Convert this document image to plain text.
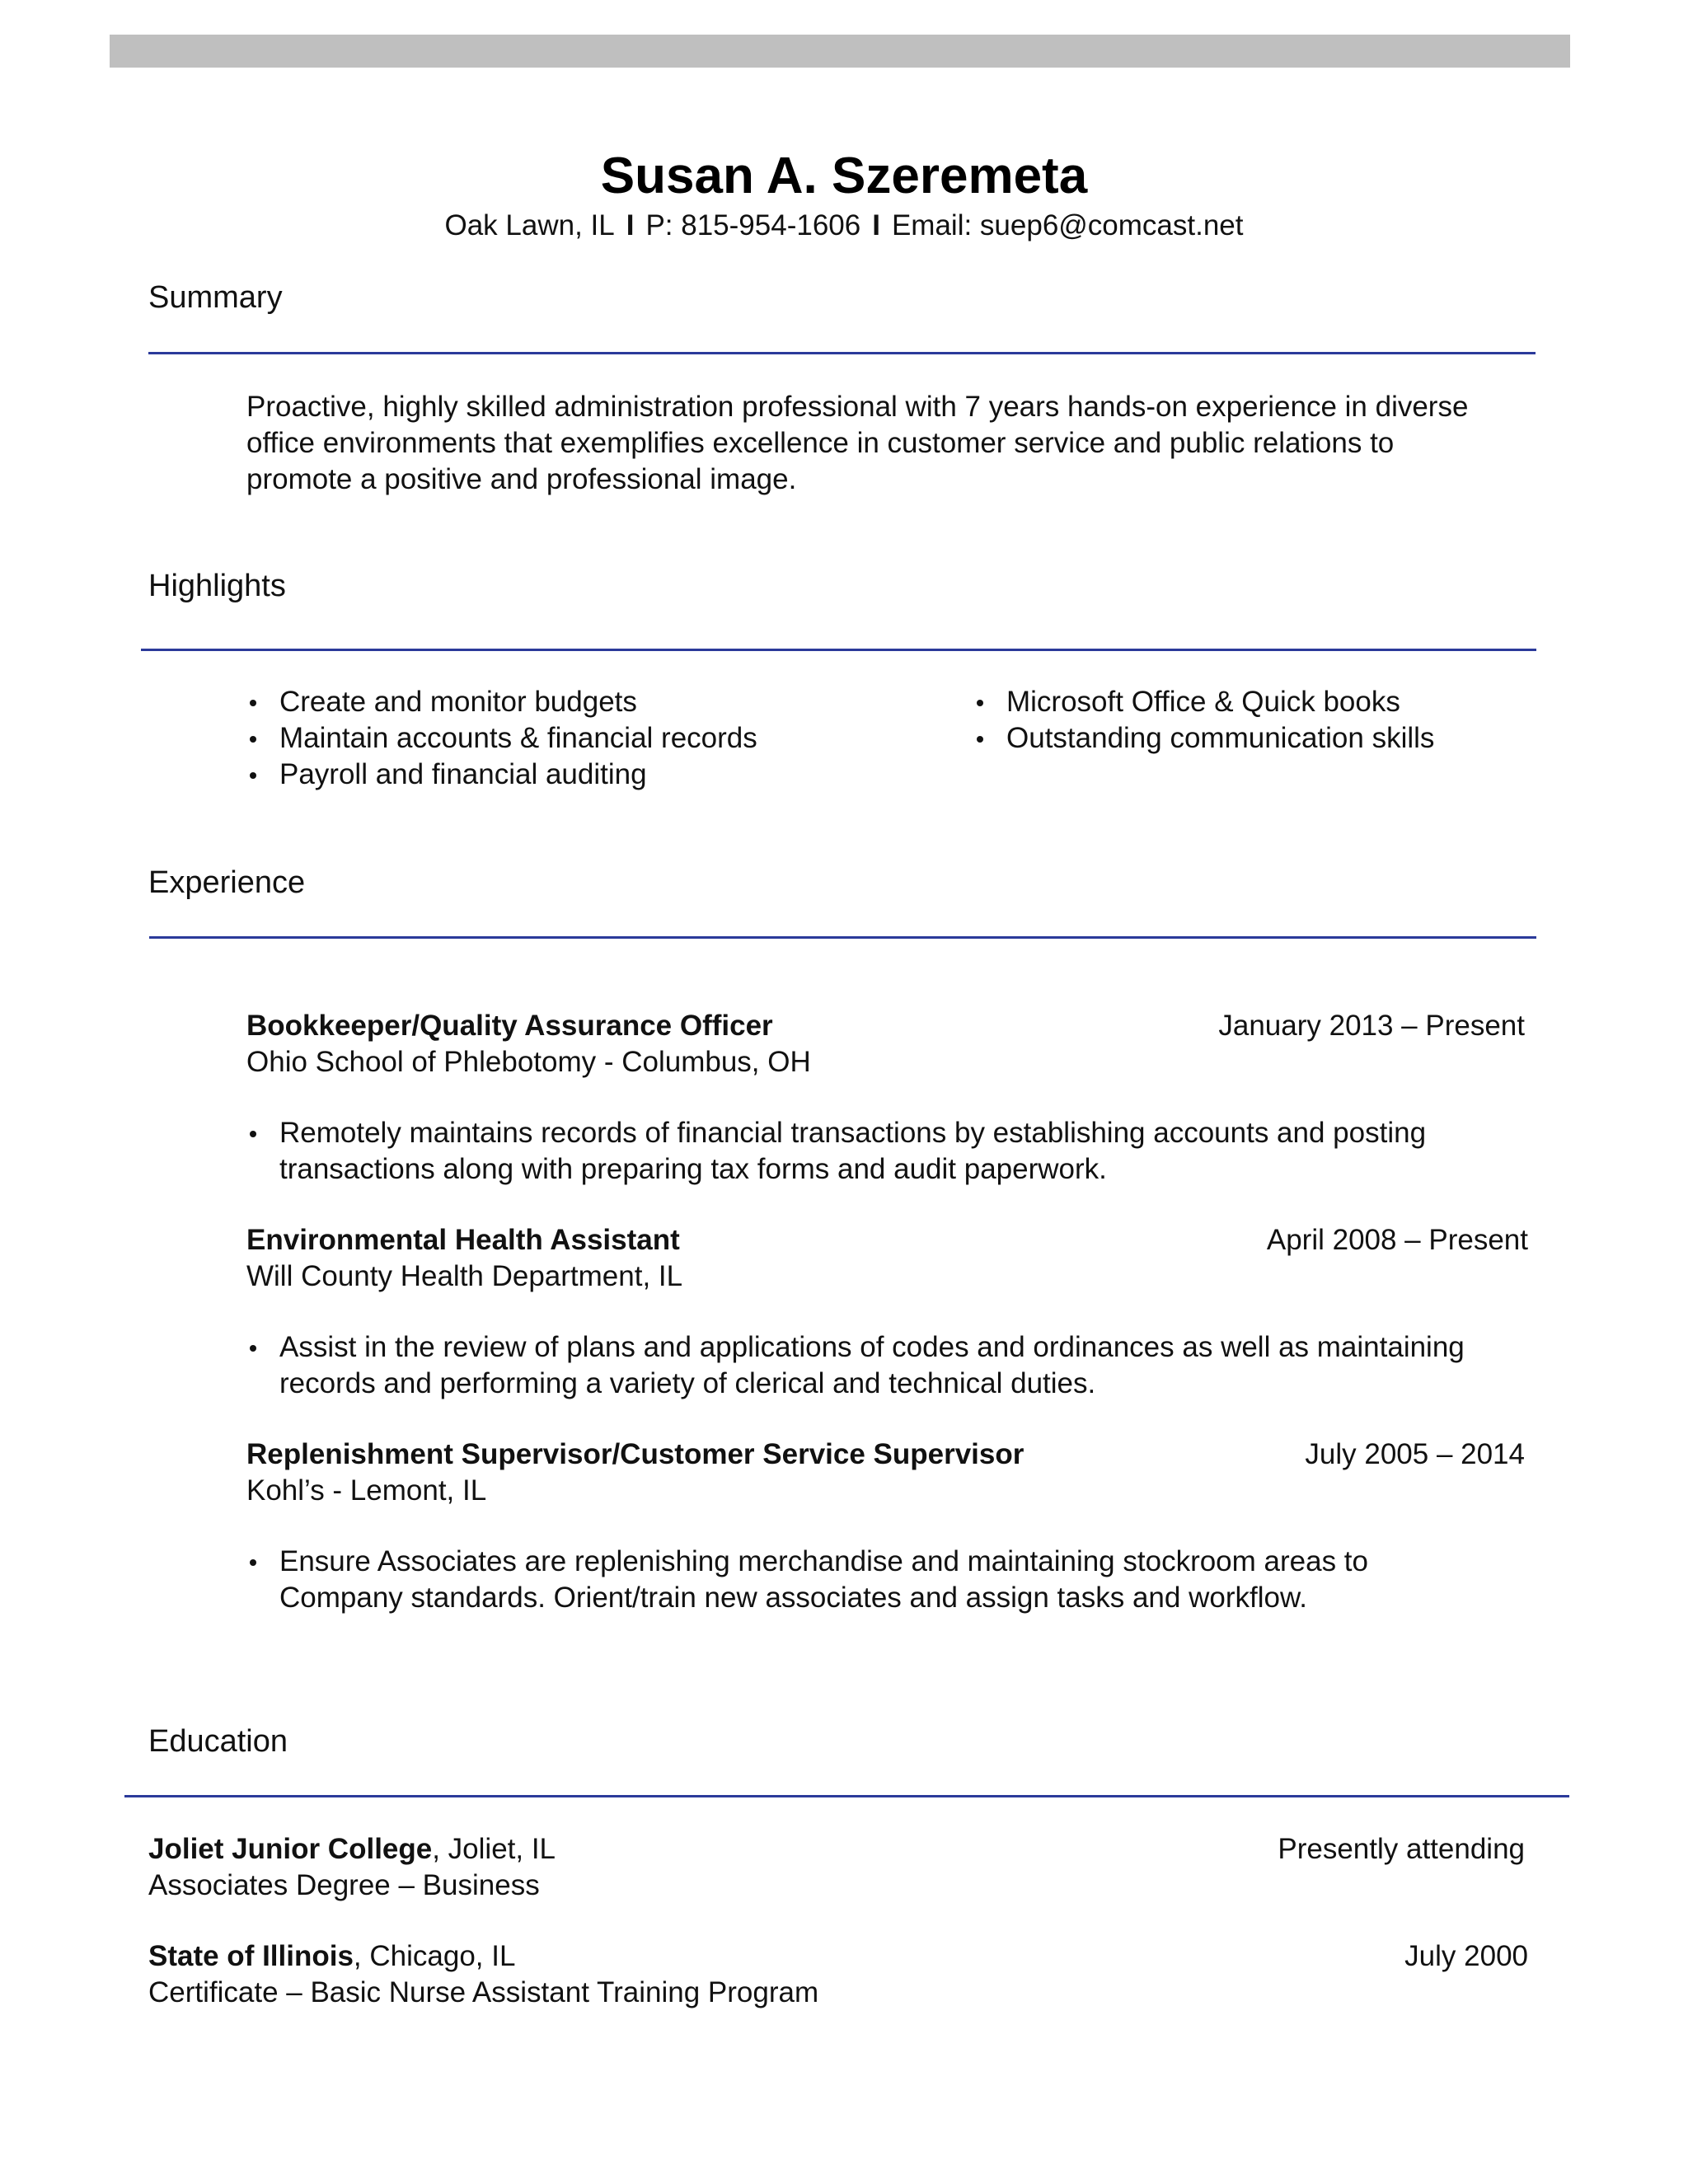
Susan A. Szeremeta
Oak Lawn, IL I P: 815-954-1606 I Email: suep6@comcast.net
Summary
Proactive, highly skilled administration professional with 7 years hands-on experience in diverse
office environments that exemplifies excellence in customer service and public relations to
promote a positive and professional image.
Highlights
Create and monitor budgets
Maintain accounts & financial records
Payroll and financial auditing
Microsoft Office & Quick books
Outstanding communication skills
Experience
Bookkeeper/Quality Assurance Officer	January 2013 – Present
Ohio School of Phlebotomy - Columbus, OH
Remotely maintains records of financial transactions by establishing accounts and posting
transactions along with preparing tax forms and audit paperwork.
Environmental Health Assistant	April 2008 – Present
Will County Health Department, IL
Assist in the review of plans and applications of codes and ordinances as well as maintaining
records and performing a variety of clerical and technical duties.
Replenishment Supervisor/Customer Service Supervisor	July 2005 – 2014
Kohl’s - Lemont, IL
Ensure Associates are replenishing merchandise and maintaining stockroom areas to
Company standards. Orient/train new associates and assign tasks and workflow.
Education
Joliet Junior College, Joliet, IL	Presently attending
Associates Degree – Business
State of Illinois, Chicago, IL	July 2000
Certificate – Basic Nurse Assistant Training Program
